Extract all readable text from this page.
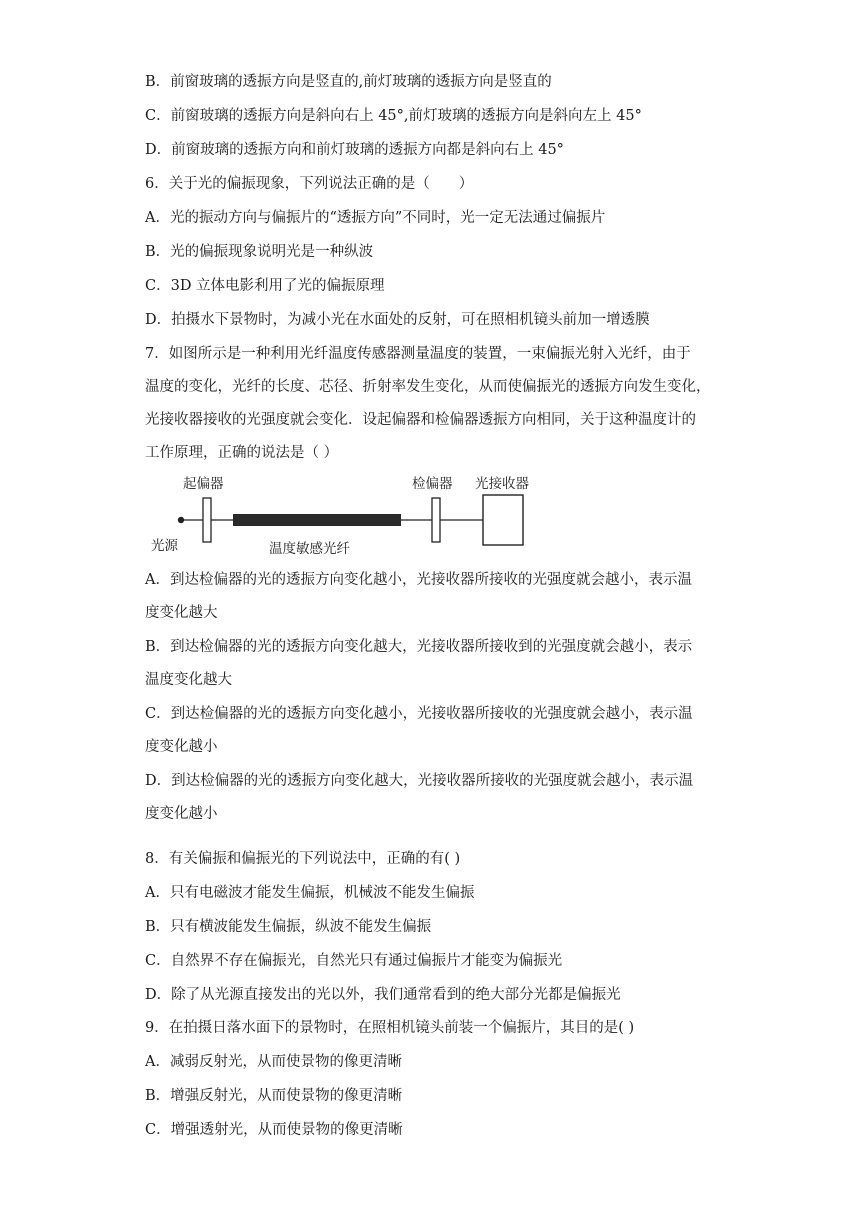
B．前窗玻璃的透振方向是竖直的,前灯玻璃的透振方向是竖直的
C．前窗玻璃的透振方向是斜向右上 45°,前灯玻璃的透振方向是斜向左上 45°
D．前窗玻璃的透振方向和前灯玻璃的透振方向都是斜向右上 45°
6．关于光的偏振现象，下列说法正确的是（　　）
A．光的振动方向与偏振片的“透振方向”不同时，光一定无法通过偏振片
B．光的偏振现象说明光是一种纵波
C．3D 立体电影利用了光的偏振原理
D．拍摄水下景物时，为减小光在水面处的反射，可在照相机镜头前加一增透膜
7．如图所示是一种利用光纤温度传感器测量温度的装置，一束偏振光射入光纤，由于
温度的变化，光纤的长度、芯径、折射率发生变化，从而使偏振光的透振方向发生变化，
光接收器接收的光强度就会变化．设起偏器和检偏器透振方向相同，关于这种温度计的
工作原理，正确的说法是（ ）
起偏器	检偏器 光接收器
光源	温度敏感光纤
A．到达检偏器的光的透振方向变化越小，光接收器所接收的光强度就会越小，表示温
度变化越大
B．到达检偏器的光的透振方向变化越大，光接收器所接收到的光强度就会越小，表示
温度变化越大
C．到达检偏器的光的透振方向变化越小，光接收器所接收的光强度就会越小，表示温
度变化越小
D．到达检偏器的光的透振方向变化越大，光接收器所接收的光强度就会越小，表示温
度变化越小
8．有关偏振和偏振光的下列说法中，正确的有( )
A．只有电磁波才能发生偏振，机械波不能发生偏振
B．只有横波能发生偏振，纵波不能发生偏振
C．自然界不存在偏振光，自然光只有通过偏振片才能变为偏振光
D．除了从光源直接发出的光以外，我们通常看到的绝大部分光都是偏振光
9．在拍摄日落水面下的景物时，在照相机镜头前装一个偏振片，其目的是( )
A．减弱反射光，从而使景物的像更清晰
B．增强反射光，从而使景物的像更清晰
C．增强透射光，从而使景物的像更清晰
